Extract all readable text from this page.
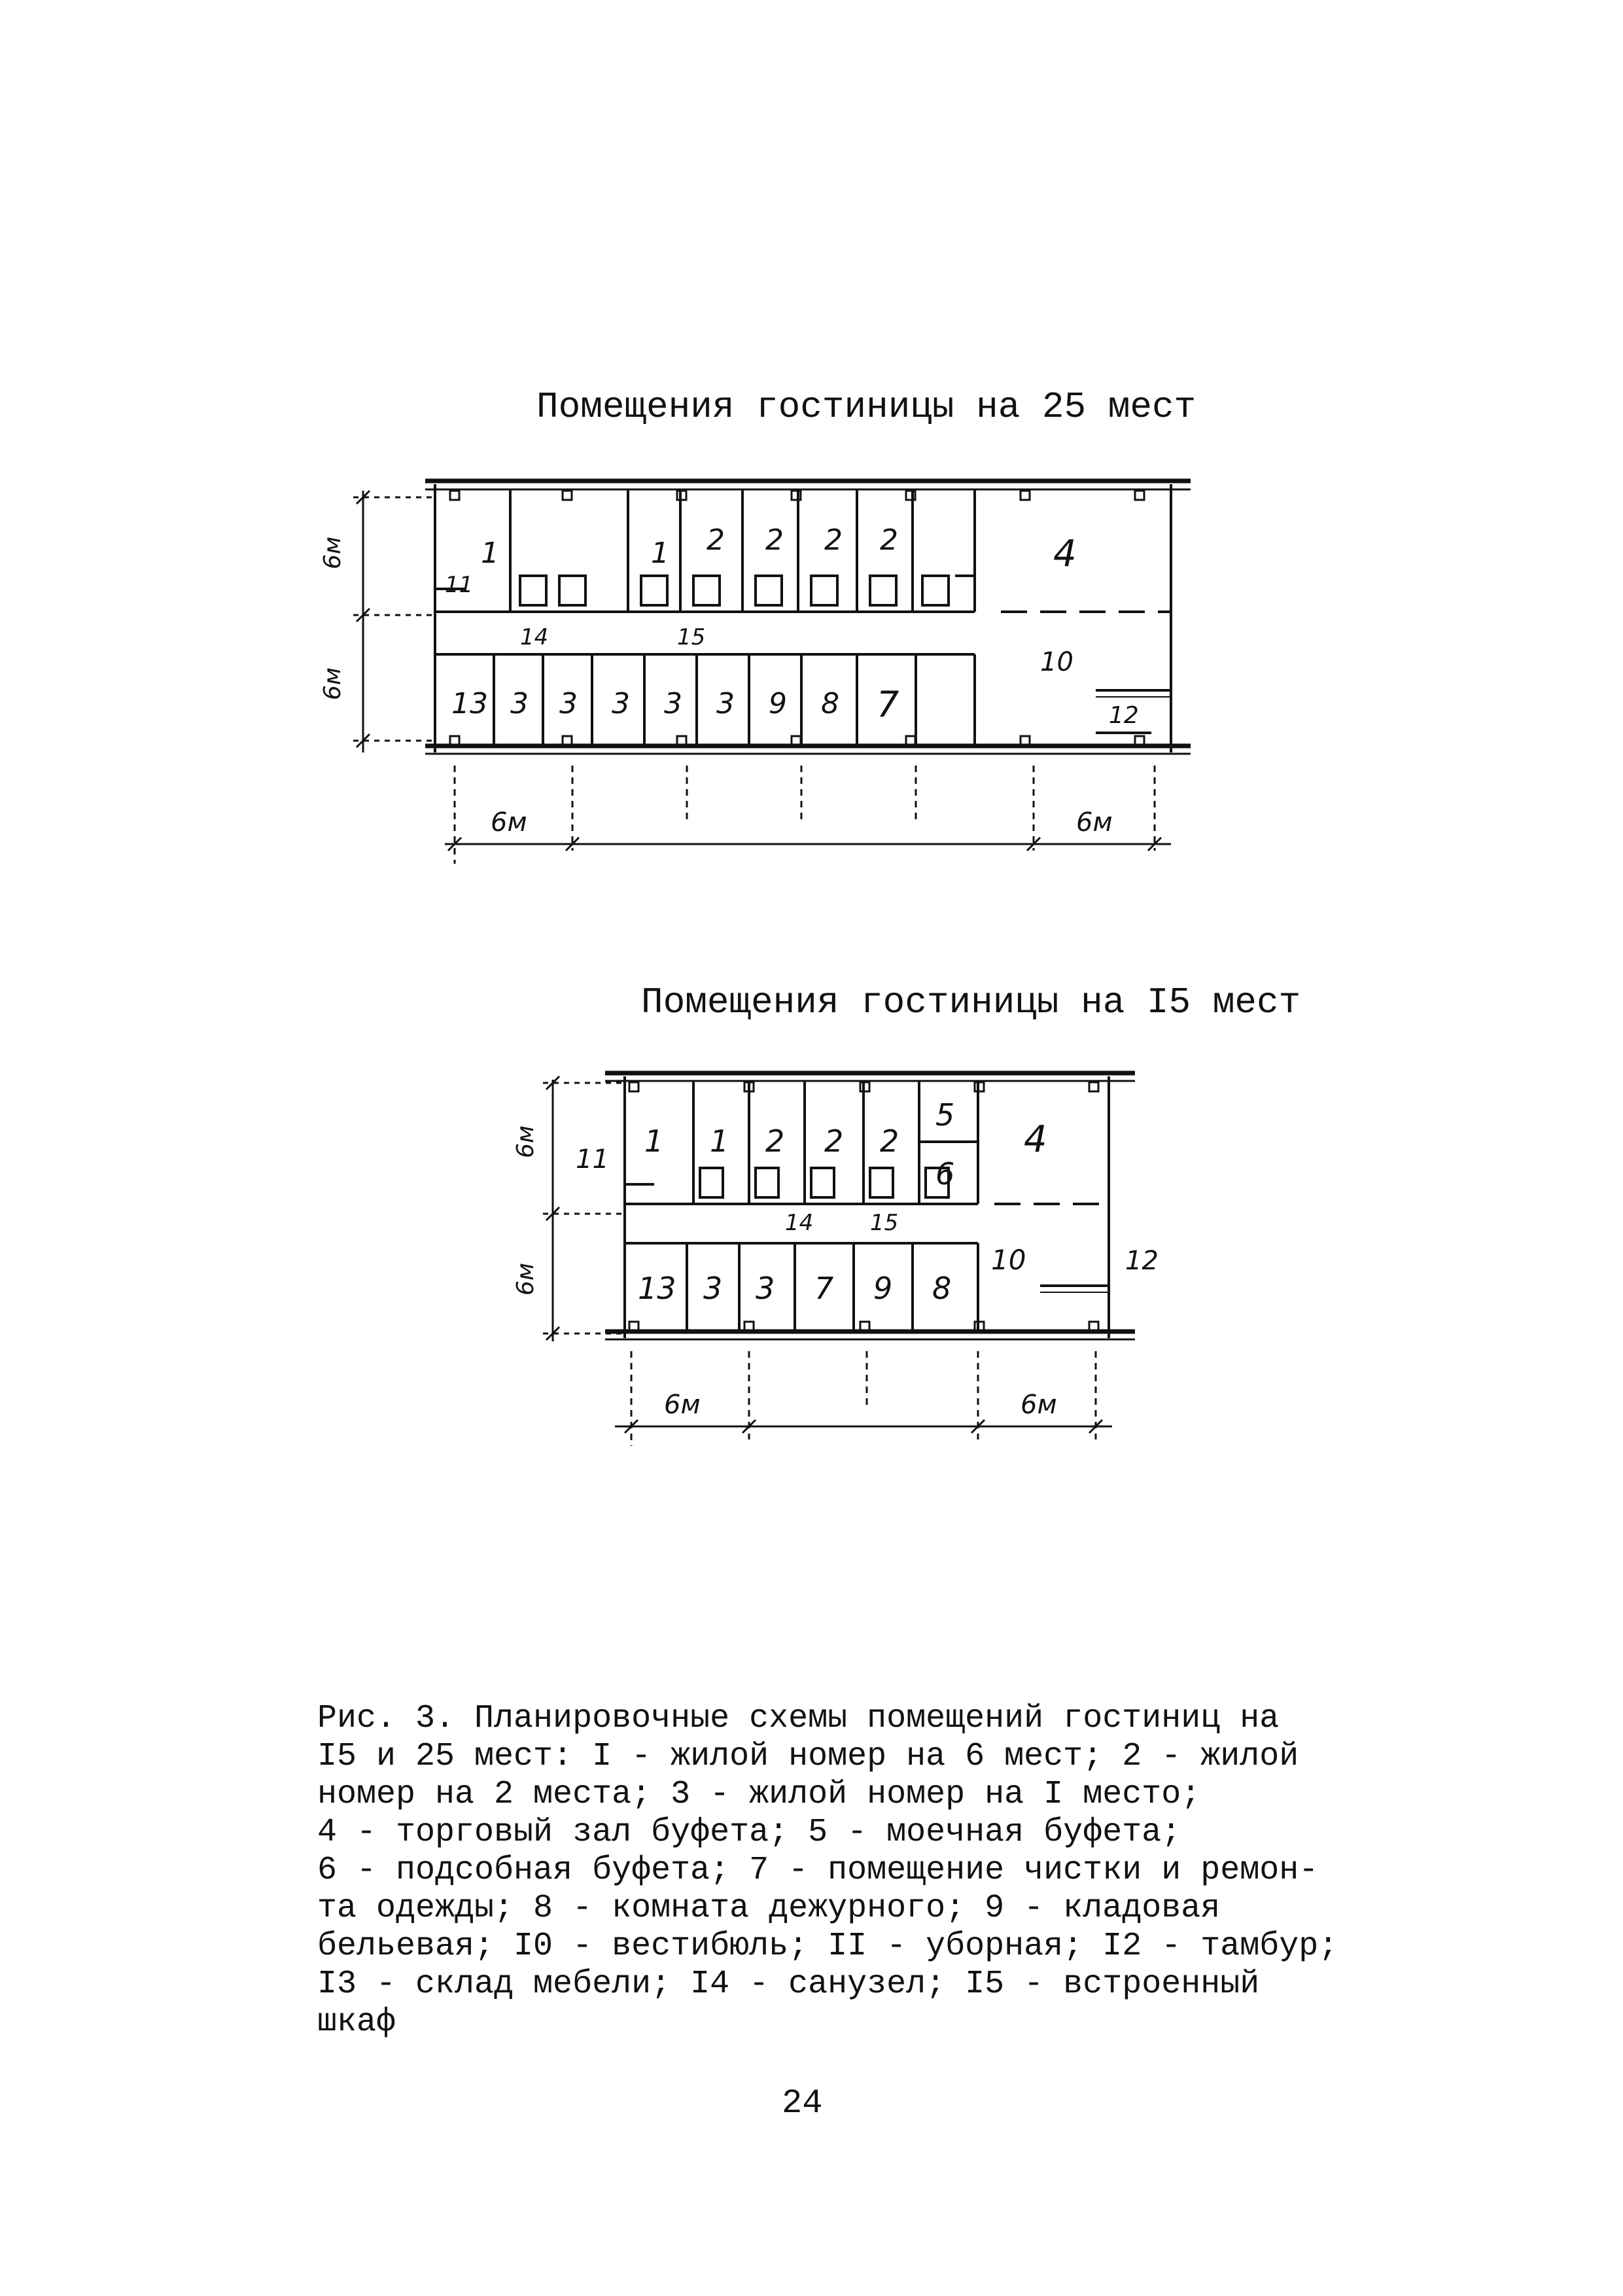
Помещения гостиницы на 25 мест
1	1 2 2 2 2	4
11
14	15
13 3 3 3 3 3 9 8 7
10
12
6м
6м
6м	6м
Помещения гостиницы на I5 мест
1 1 2 2 2	4
5
6
11
14	15
13 3 3 7 9 8
10	12
6м
6м
6м	6м
Рис. 3. Планировочные схемы помещений гостиниц на
I5 и 25 мест: I - жилой номер на 6 мест; 2 - жилой
номер на 2 места; 3 - жилой номер на I место;
4 - торговый зал буфета; 5 - моечная буфета;
6 - подсобная буфета; 7 - помещение чистки и ремон-
та одежды; 8 - комната дежурного; 9 - кладовая
бельевая; I0 - вестибюль; II - уборная; I2 - тамбур;
I3 - склад мебели; I4 - санузел; I5 - встроенный
шкаф
24
